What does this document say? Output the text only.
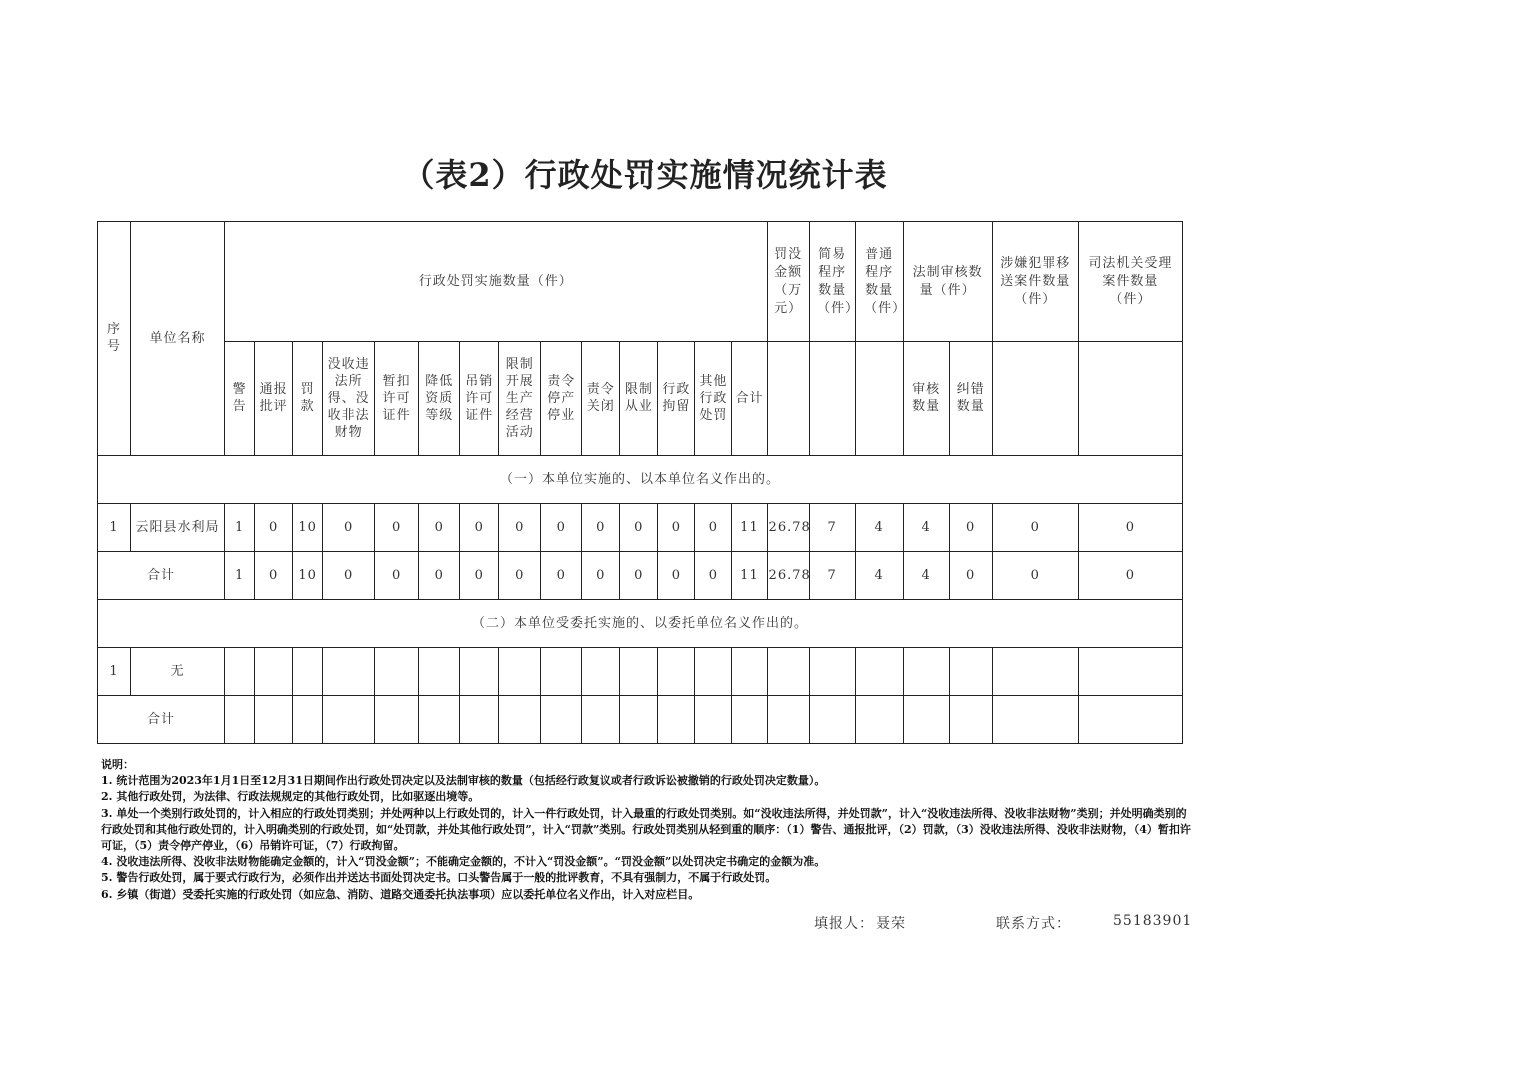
（表2）行政处罚实施情况统计表
序号	单位名称	行政处罚实施数量（件）														罚没金额（万元）	简易程序数量（件）	普通程序数量（件）	法制审核数量（件）		涉嫌犯罪移送案件数量（件）	司法机关受理案件数量（件）
		警告	通报批评	罚款	没收违法所得、没收非法财物	暂扣许可证件	降低资质等级	吊销许可证件	限制开展生产经营活动	责令停产停业	责令关闭	限制从业	行政拘留	其他行政处罚	合计				审核数量	纠错数量		
（一）本单位实施的、以本单位名义作出的。																						
1	云阳县水利局	1	0	10	0	0	0	0	0	0	0	0	0	0	11	26.78	7	4	4	0	0	0
合计		1	0	10	0	0	0	0	0	0	0	0	0	0	11	26.78	7	4	4	0	0	0
（二）本单位受委托实施的、以委托单位名义作出的。																						
1	无																					
合计																						
说明：
1. 统计范围为2023年1月1日至12月31日期间作出行政处罚决定以及法制审核的数量（包括经行政复议或者行政诉讼被撤销的行政处罚决定数量）。
2. 其他行政处罚，为法律、行政法规规定的其他行政处罚，比如驱逐出境等。
3. 单处一个类别行政处罚的，计入相应的行政处罚类别；并处两种以上行政处罚的，计入一件行政处罚，计入最重的行政处罚类别。如“没收违法所得，并处罚款”，计入“没收违法所得、没收非法财物”类别；并处明确类别的行政处罚和其他行政处罚的，计入明确类别的行政处罚，如“处罚款，并处其他行政处罚”，计入“罚款”类别。行政处罚类别从轻到重的顺序：（1）警告、通报批评，（2）罚款，（3）没收违法所得、没收非法财物，（4）暂扣许可证，（5）责令停产停业，（6）吊销许可证，（7）行政拘留。
4. 没收违法所得、没收非法财物能确定金额的，计入“罚没金额”；不能确定金额的，不计入“罚没金额”。“罚没金额”以处罚决定书确定的金额为准。
5. 警告行政处罚，属于要式行政行为，必须作出并送达书面处罚决定书。口头警告属于一般的批评教育，不具有强制力，不属于行政处罚。
6. 乡镇（街道）受委托实施的行政处罚（如应急、消防、道路交通委托执法事项）应以委托单位名义作出，计入对应栏目。
填报人： 聂荣	联系方式：	55183901
